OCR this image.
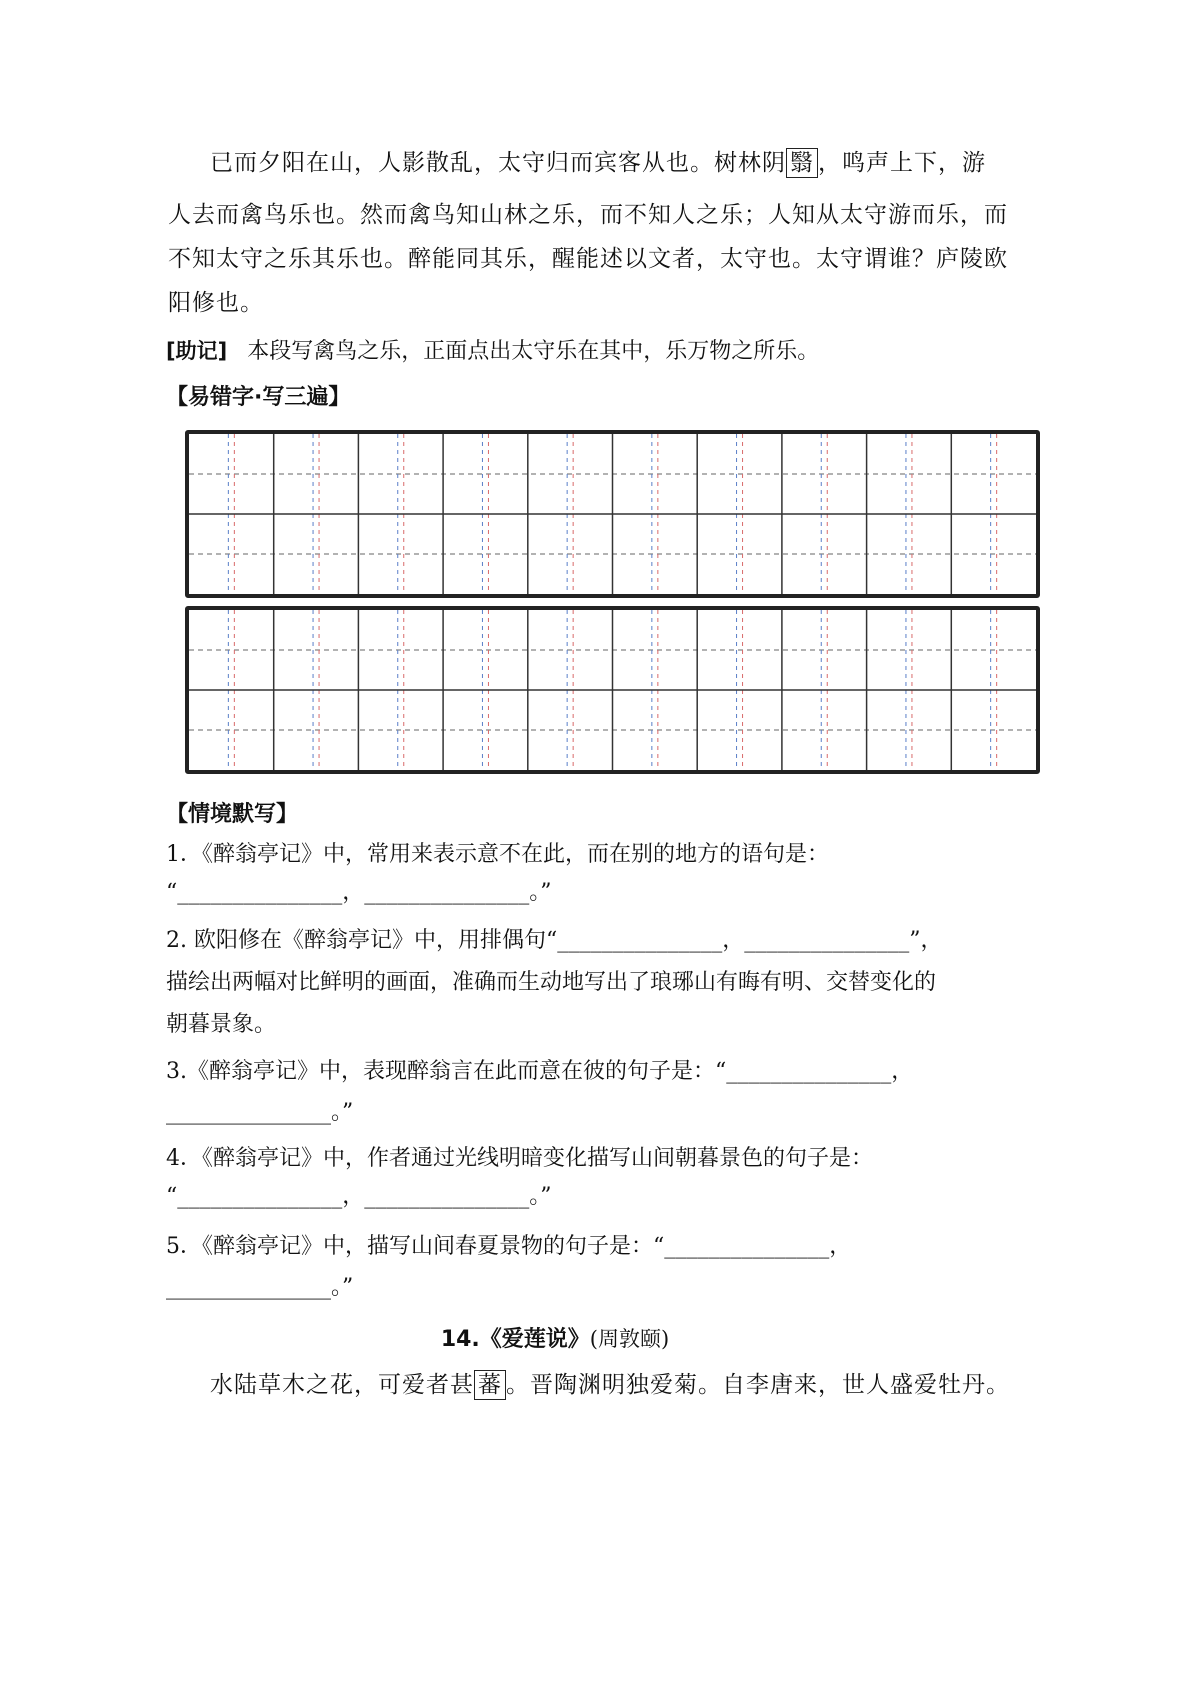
已而夕阳在山，人影散乱，太守归而宾客从也。树林阴 翳 ，鸣声上下，游
人去而禽鸟乐也。然而禽鸟知山林之乐，而不知人之乐；人知从太守游而乐，而
不知太守之乐其乐也。醉能同其乐，醒能述以文者，太守也。太守谓谁？庐陵欧
阳修也。
[助记] 本段写禽鸟之乐，正面点出太守乐在其中，乐万物之所乐。
【易错字·写三遍】
【情境默写】
1．《醉翁亭记》中，常用来表示意不在此，而在别的地方的语句是：
“_______________，_______________。”
2. 欧阳修在《醉翁亭记》中，用排偶句“_______________，_______________”，
描绘出两幅对比鲜明的画面，准确而生动地写出了琅琊山有晦有明、交替变化的
朝暮景象。
3.《醉翁亭记》中，表现醉翁言在此而意在彼的句子是：“_______________，
_______________。”
4．《醉翁亭记》中，作者通过光线明暗变化描写山间朝暮景色的句子是：
“_______________，_______________。”
5．《醉翁亭记》中，描写山间春夏景物的句子是：“_______________，
_______________。”
14.《爱莲说》(周敦颐)
水陆草木之花，可爱者甚 蕃 。晋陶渊明独爱菊。自李唐来，世人盛爱牡丹。
